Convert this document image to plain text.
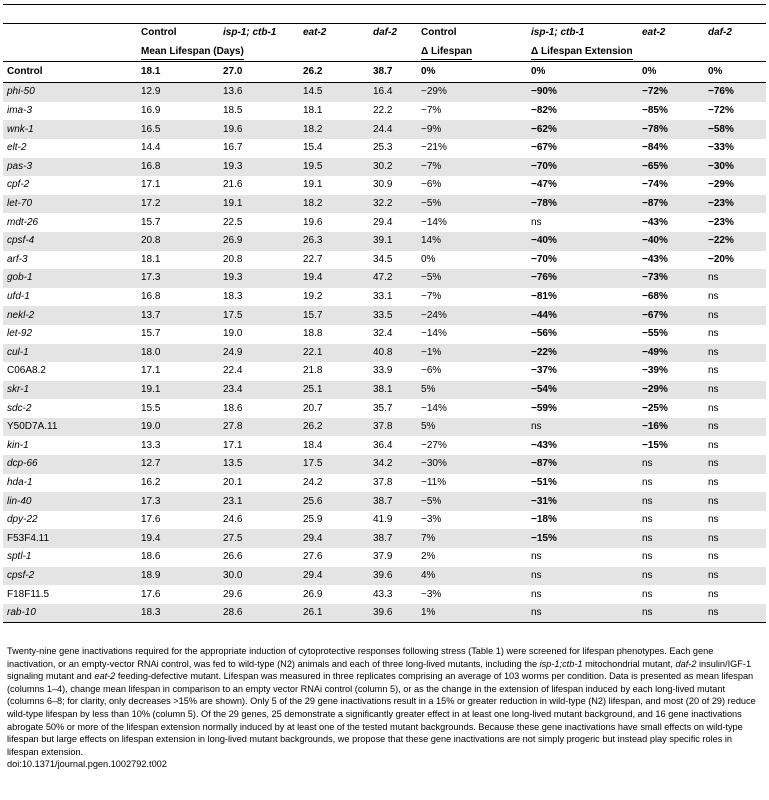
	Control	isp-1; ctb-1	eat-2	daf-2	Control	isp-1; ctb-1	eat-2	daf-2
	Mean Lifespan (Days)				Δ Lifespan	Δ Lifespan Extension		
Control	18.1	27.0	26.2	38.7	0%	0%	0%	0%
phi-50	12.9	13.6	14.5	16.4	−29%	−90%	−72%	−76%
ima-3	16.9	18.5	18.1	22.2	−7%	−82%	−85%	−72%
wnk-1	16.5	19.6	18.2	24.4	−9%	−62%	−78%	−58%
elt-2	14.4	16.7	15.4	25.3	−21%	−67%	−84%	−33%
pas-3	16.8	19.3	19.5	30.2	−7%	−70%	−65%	−30%
cpf-2	17.1	21.6	19.1	30.9	−6%	−47%	−74%	−29%
let-70	17.2	19.1	18.2	32.2	−5%	−78%	−87%	−23%
mdt-26	15.7	22.5	19.6	29.4	−14%	ns	−43%	−23%
cpsf-4	20.8	26.9	26.3	39.1	14%	−40%	−40%	−22%
arf-3	18.1	20.8	22.7	34.5	0%	−70%	−43%	−20%
gob-1	17.3	19.3	19.4	47.2	−5%	−76%	−73%	ns
ufd-1	16.8	18.3	19.2	33.1	−7%	−81%	−68%	ns
nekl-2	13.7	17.5	15.7	33.5	−24%	−44%	−67%	ns
let-92	15.7	19.0	18.8	32.4	−14%	−56%	−55%	ns
cul-1	18.0	24.9	22.1	40.8	−1%	−22%	−49%	ns
C06A8.2	17.1	22.4	21.8	33.9	−6%	−37%	−39%	ns
skr-1	19.1	23.4	25.1	38.1	5%	−54%	−29%	ns
sdc-2	15.5	18.6	20.7	35.7	−14%	−59%	−25%	ns
Y50D7A.11	19.0	27.8	26.2	37.8	5%	ns	−16%	ns
kin-1	13.3	17.1	18.4	36.4	−27%	−43%	−15%	ns
dcp-66	12.7	13.5	17.5	34.2	−30%	−87%	ns	ns
hda-1	16.2	20.1	24.2	37.8	−11%	−51%	ns	ns
lin-40	17.3	23.1	25.6	38.7	−5%	−31%	ns	ns
dpy-22	17.6	24.6	25.9	41.9	−3%	−18%	ns	ns
F53F4.11	19.4	27.5	29.4	38.7	7%	−15%	ns	ns
sptl-1	18.6	26.6	27.6	37.9	2%	ns	ns	ns
cpsf-2	18.9	30.0	29.4	39.6	4%	ns	ns	ns
F18F11.5	17.6	29.6	26.9	43.3	−3%	ns	ns	ns
rab-10	18.3	28.6	26.1	39.6	1%	ns	ns	ns

Twenty-nine gene inactivations required for the appropriate induction of cytoprotective responses following stress (Table 1) were screened for lifespan phenotypes. Each gene inactivation, or an empty-vector RNAi control, was fed to wild-type (N2) animals and each of three long-lived mutants, including the isp-1;ctb-1 mitochondrial mutant, daf-2 insulin/IGF-1 signaling mutant and eat-2 feeding-defective mutant. Lifespan was measured in three replicates comprising an average of 103 worms per condition. Data is presented as mean lifespan (columns 1–4), change mean lifespan in comparison to an empty vector RNAi control (column 5), or as the change in the extension of lifespan induced by each long-lived mutant (columns 6–8; for clarity, only decreases >15% are shown). Only 5 of the 29 gene inactivations result in a 15% or greater reduction in wild-type (N2) lifespan, and most (20 of 29) reduce wild-type lifespan by less than 10% (column 5). Of the 29 genes, 25 demonstrate a significantly greater effect in at least one long-lived mutant background, and 16 gene inactivations abrogate 50% or more of the lifespan extension normally induced by at least one of the tested mutant backgrounds. Because these gene inactivations have small effects on wild-type lifespan but large effects on lifespan extension in long-lived mutant backgrounds, we propose that these gene inactivations are not simply progeric but instead play specific roles in lifespan extension.

doi:10.1371/journal.pgen.1002792.t002
